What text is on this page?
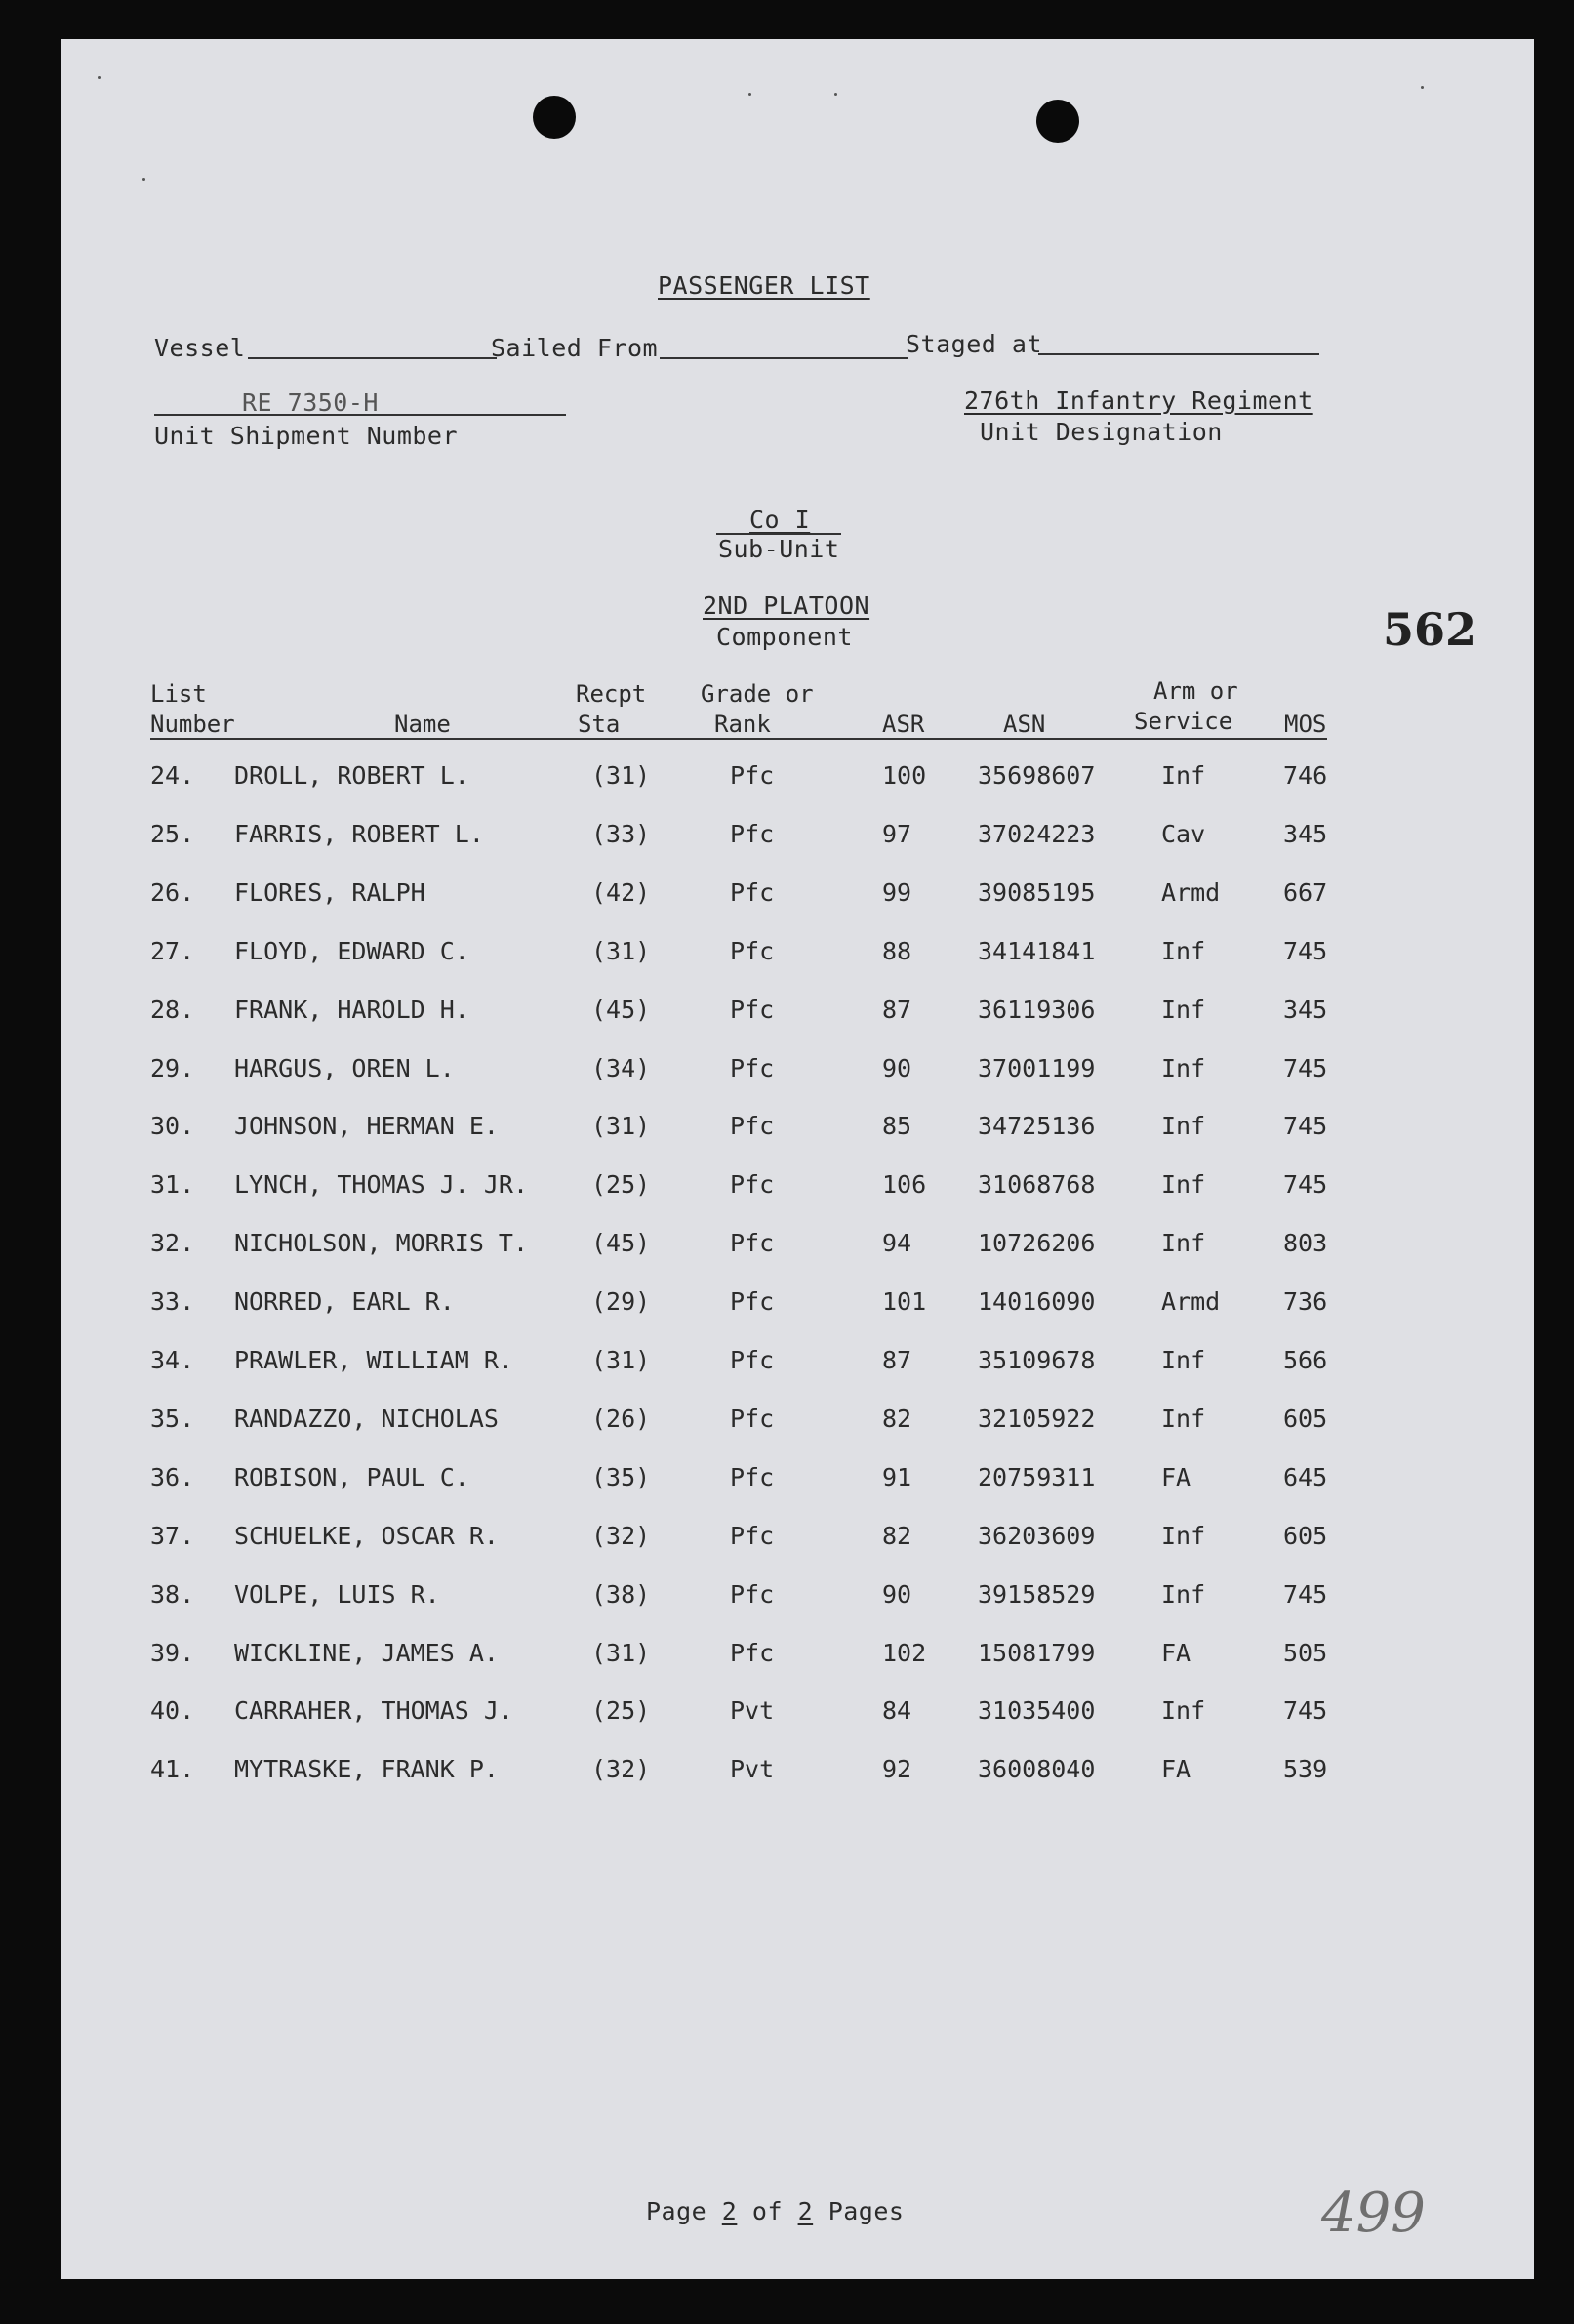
PASSENGER LIST
Vessel	Sailed From	Staged at
RE 7350-H
Unit Shipment Number
276th Infantry Regiment
Unit Designation
Co I
Sub-Unit
2ND PLATOON
Component	562
List
Number	Name
Recpt
Sta
Grade or
Rank	ASR	ASN
Arm or
Service MOS
24. DROLL, ROBERT L.	(31)	Pfc	100 35698607	Inf	746
25. FARRIS, ROBERT L.	(33)	Pfc	97	37024223	Cav	345
26. FLORES, RALPH	(42)	Pfc	99	39085195	Armd	667
27. FLOYD, EDWARD C.	(31)	Pfc	88	34141841	Inf	745
28. FRANK, HAROLD H.	(45)	Pfc	87	36119306	Inf	345
29. HARGUS, OREN L.	(34)	Pfc	90	37001199	Inf	745
30. JOHNSON, HERMAN E.	(31)	Pfc	85	34725136	Inf	745
31. LYNCH, THOMAS J. JR.	(25)	Pfc	106 31068768	Inf	745
32. NICHOLSON, MORRIS T.	(45)	Pfc	94	10726206	Inf	803
33. NORRED, EARL R.	(29)	Pfc	101 14016090	Armd	736
34. PRAWLER, WILLIAM R.	(31)	Pfc	87	35109678	Inf	566
35. RANDAZZO, NICHOLAS	(26)	Pfc	82	32105922	Inf	605
36. ROBISON, PAUL C.	(35)	Pfc	91	20759311	FA	645
37. SCHUELKE, OSCAR R.	(32)	Pfc	82	36203609	Inf	605
38. VOLPE, LUIS R.	(38)	Pfc	90	39158529	Inf	745
39. WICKLINE, JAMES A.	(31)	Pfc	102 15081799	FA	505
40. CARRAHER, THOMAS J.	(25)	Pvt	84	31035400	Inf	745
41. MYTRASKE, FRANK P.	(32)	Pvt	92	36008040	FA	539
Page 2 of 2 Pages	499
